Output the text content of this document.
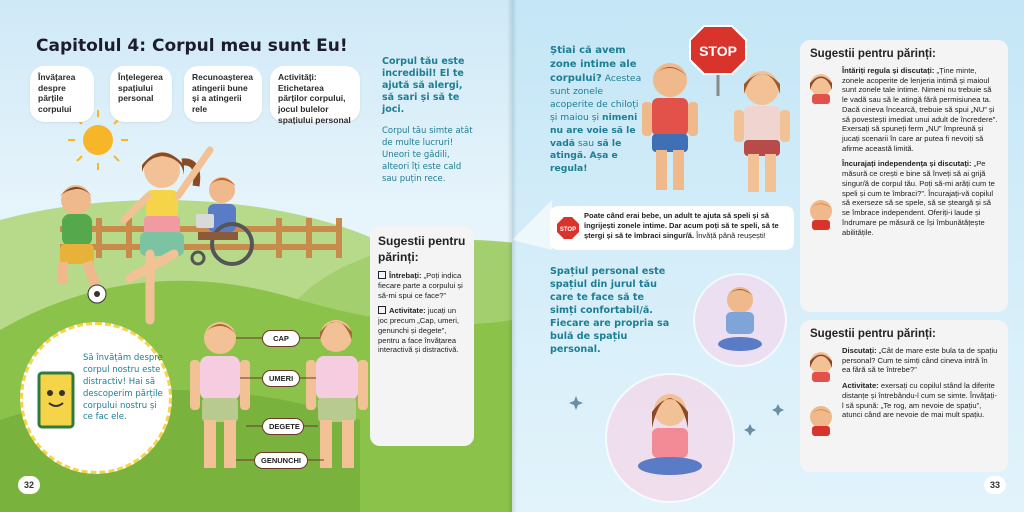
Capitolul 4: Corpul meu sunt Eu!
Învățarea despre părțile corpului
Înțelegerea spațiului personal
Recunoașterea atingerii bune și a atingerii rele
Activități: Etichetarea părților corpului, jocul bulelor spațiului personal
Corpul tău este incredibil! El te ajută să alergi, să sari și să te joci.
Corpul tău simte atât de multe lucruri! Uneori te gâdili, alteori îți este cald sau puțin rece.
Să învățăm despre corpul nostru este distractiv! Hai să descoperim părțile corpului nostru și ce fac ele.
CAP
UMERI
DEGETE
GENUNCHI
Sugestii pentru părinți:
Întrebați: „Poți indica fiecare parte a corpului și să-mi spui ce face?”
Activitate: jucați un joc precum „Cap, umeri, genunchi și degete”, pentru a face învățarea interactivă și distractivă.
32
STOP
Știai că avem zone intime ale corpului? Acestea sunt zonele acoperite de chiloți și maiou și nimeni nu are voie să le vadă sau să le atingă. Așa e regula!
STOP
Poate când erai bebe, un adult te ajuta să speli și să îngrijești zonele intime. Dar acum poți să te speli, să te ștergi și să te îmbraci singur/ă. Învăță până reușești!
Spațiul personal este spațiul din jurul tău care te face să te simți confortabil/ă. Fiecare are propria sa bulă de spațiu personal.
Sugestii pentru părinți:
Întăriți regula și discutați: „Ține minte, zonele acoperite de lenjeria intimă și maioul sunt zonele tale intime. Nimeni nu trebuie să le vadă sau să le atingă fără permisiunea ta. Dacă cineva încearcă, trebuie să spui „NU” și să povestești imediat unui adult de încredere”. Exersați să spuneți ferm „NU” împreună și jucați scenarii în care ar putea fi nevoiți să afirme această limită.
Încurajați independența și discutați: „Pe măsură ce crești e bine să înveți să ai grijă singur/ă de corpul tău. Poți să-mi arăți cum te speli și cum te îmbraci?”. Încurajați-vă copilul să exerseze să se spele, să se șteargă și să se îmbrace independent. Oferiți-i laude și îndrumare pe măsură ce își îmbunătățește abilitățile.
Sugestii pentru părinți:
Discutați: „Cât de mare este bula ta de spațiu personal? Cum te simți când cineva intră în ea fără să te întrebe?”
Activitate: exersați cu copilul stând la diferite distanțe și întrebându-l cum se simte. Învățați-l să spună: „Te rog, am nevoie de spațiu”, atunci când are nevoie de mai mult spațiu.
33
